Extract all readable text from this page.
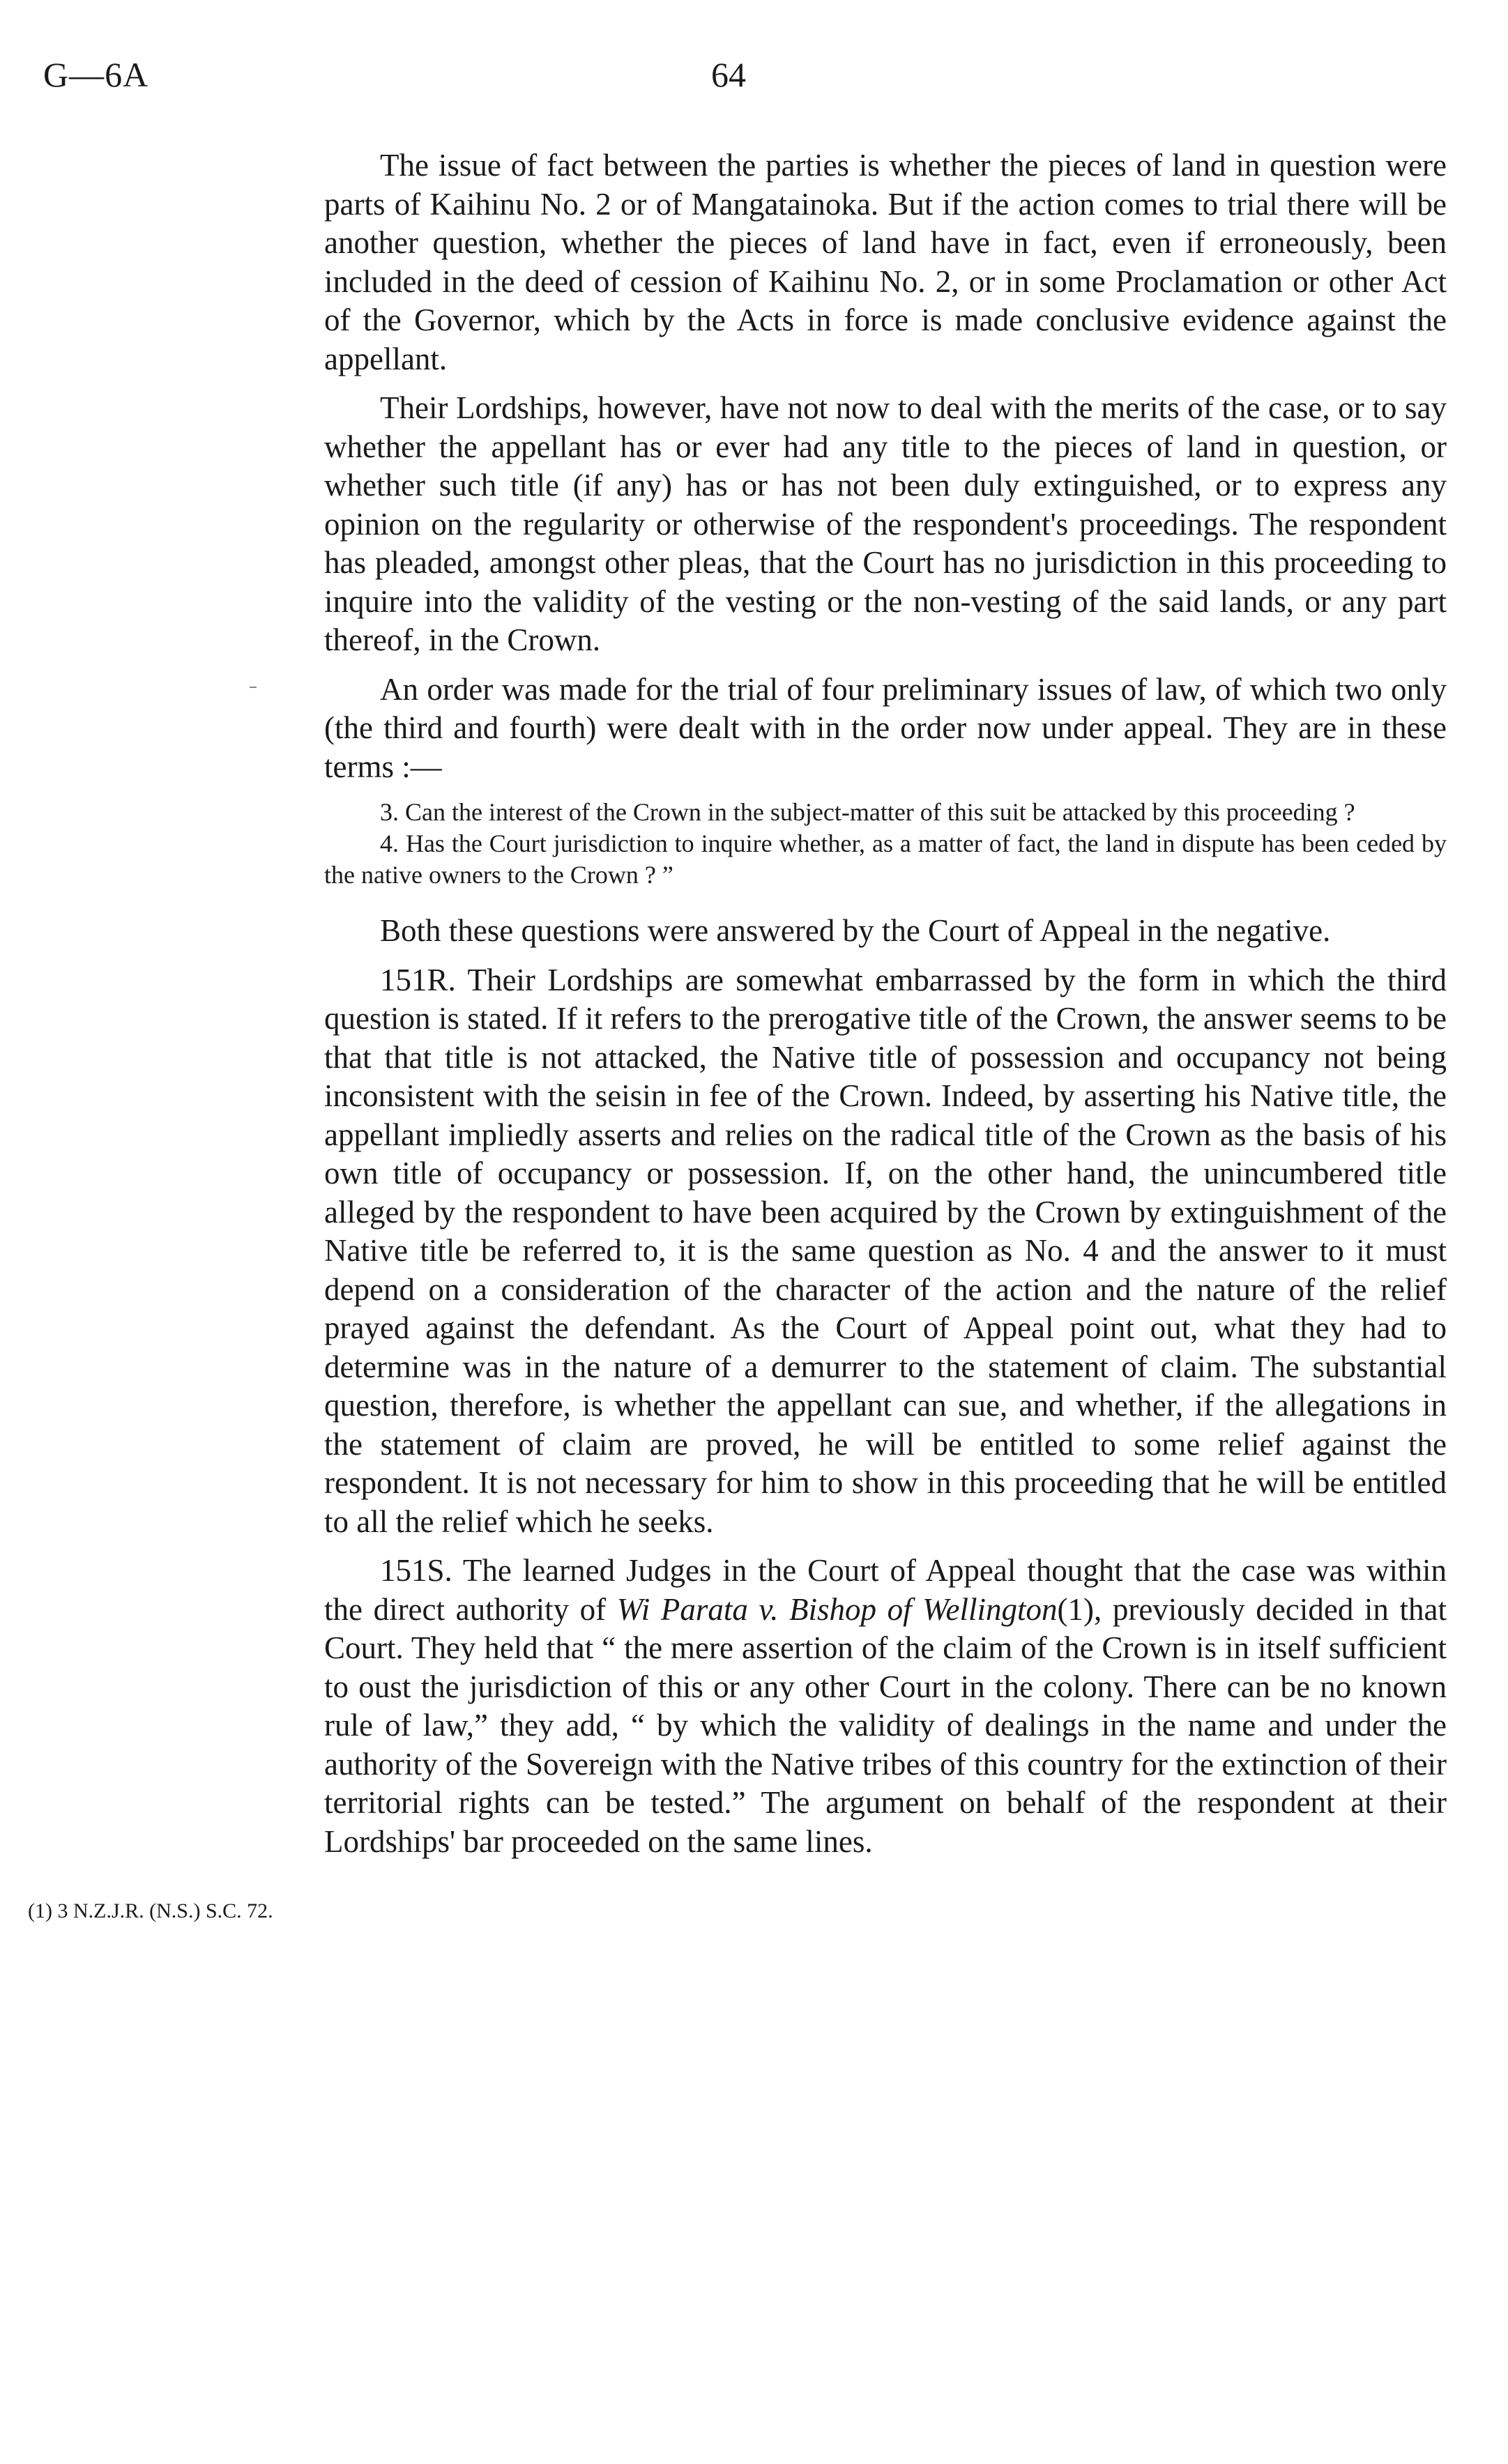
G—6A	64
(1) 3 N.Z.J.R. (N.S.) S.C. 72.

The issue of fact between the parties is whether the pieces of land in question were parts of Kaihinu No. 2 or of Mangatainoka. But if the action comes to trial there will be another question, whether the pieces of land have in fact, even if erroneously, been included in the deed of cession of Kaihinu No. 2, or in some Proclamation or other Act of the Governor, which by the Acts in force is made conclusive evidence against the appellant.

Their Lordships, however, have not now to deal with the merits of the case, or to say whether the appellant has or ever had any title to the pieces of land in question, or whether such title (if any) has or has not been duly extinguished, or to express any opinion on the regularity or otherwise of the respondent's proceedings. The respondent has pleaded, amongst other pleas, that the Court has no jurisdiction in this proceeding to inquire into the validity of the vesting or the non-vesting of the said lands, or any part thereof, in the Crown.

An order was made for the trial of four preliminary issues of law, of which two only (the third and fourth) were dealt with in the order now under appeal. They are in these terms :—

3. Can the interest of the Crown in the subject-matter of this suit be attacked by this proceeding ?

4. Has the Court jurisdiction to inquire whether, as a matter of fact, the land in dispute has been ceded by the native owners to the Crown ? ”

Both these questions were answered by the Court of Appeal in the negative.

151R. Their Lordships are somewhat embarrassed by the form in which the third question is stated. If it refers to the prerogative title of the Crown, the answer seems to be that that title is not attacked, the Native title of possession and occupancy not being inconsistent with the seisin in fee of the Crown. Indeed, by asserting his Native title, the appellant impliedly asserts and relies on the radical title of the Crown as the basis of his own title of occupancy or possession. If, on the other hand, the unincumbered title alleged by the respondent to have been acquired by the Crown by extinguishment of the Native title be referred to, it is the same question as No. 4 and the answer to it must depend on a consideration of the character of the action and the nature of the relief prayed against the defendant. As the Court of Appeal point out, what they had to determine was in the nature of a demurrer to the statement of claim. The substantial question, therefore, is whether the appellant can sue, and whether, if the allegations in the statement of claim are proved, he will be entitled to some relief against the respondent. It is not necessary for him to show in this proceeding that he will be entitled to all the relief which he seeks.

151S. The learned Judges in the Court of Appeal thought that the case was within the direct authority of Wi Parata v. Bishop of Wellington(1), previously decided in that Court. They held that “ the mere assertion of the claim of the Crown is in itself sufficient to oust the jurisdiction of this or any other Court in the colony. There can be no known rule of law,” they add, “ by which the validity of dealings in the name and under the authority of the Sovereign with the Native tribes of this country for the extinction of their territorial rights can be tested.” The argument on behalf of the respondent at their Lordships' bar proceeded on the same lines.
